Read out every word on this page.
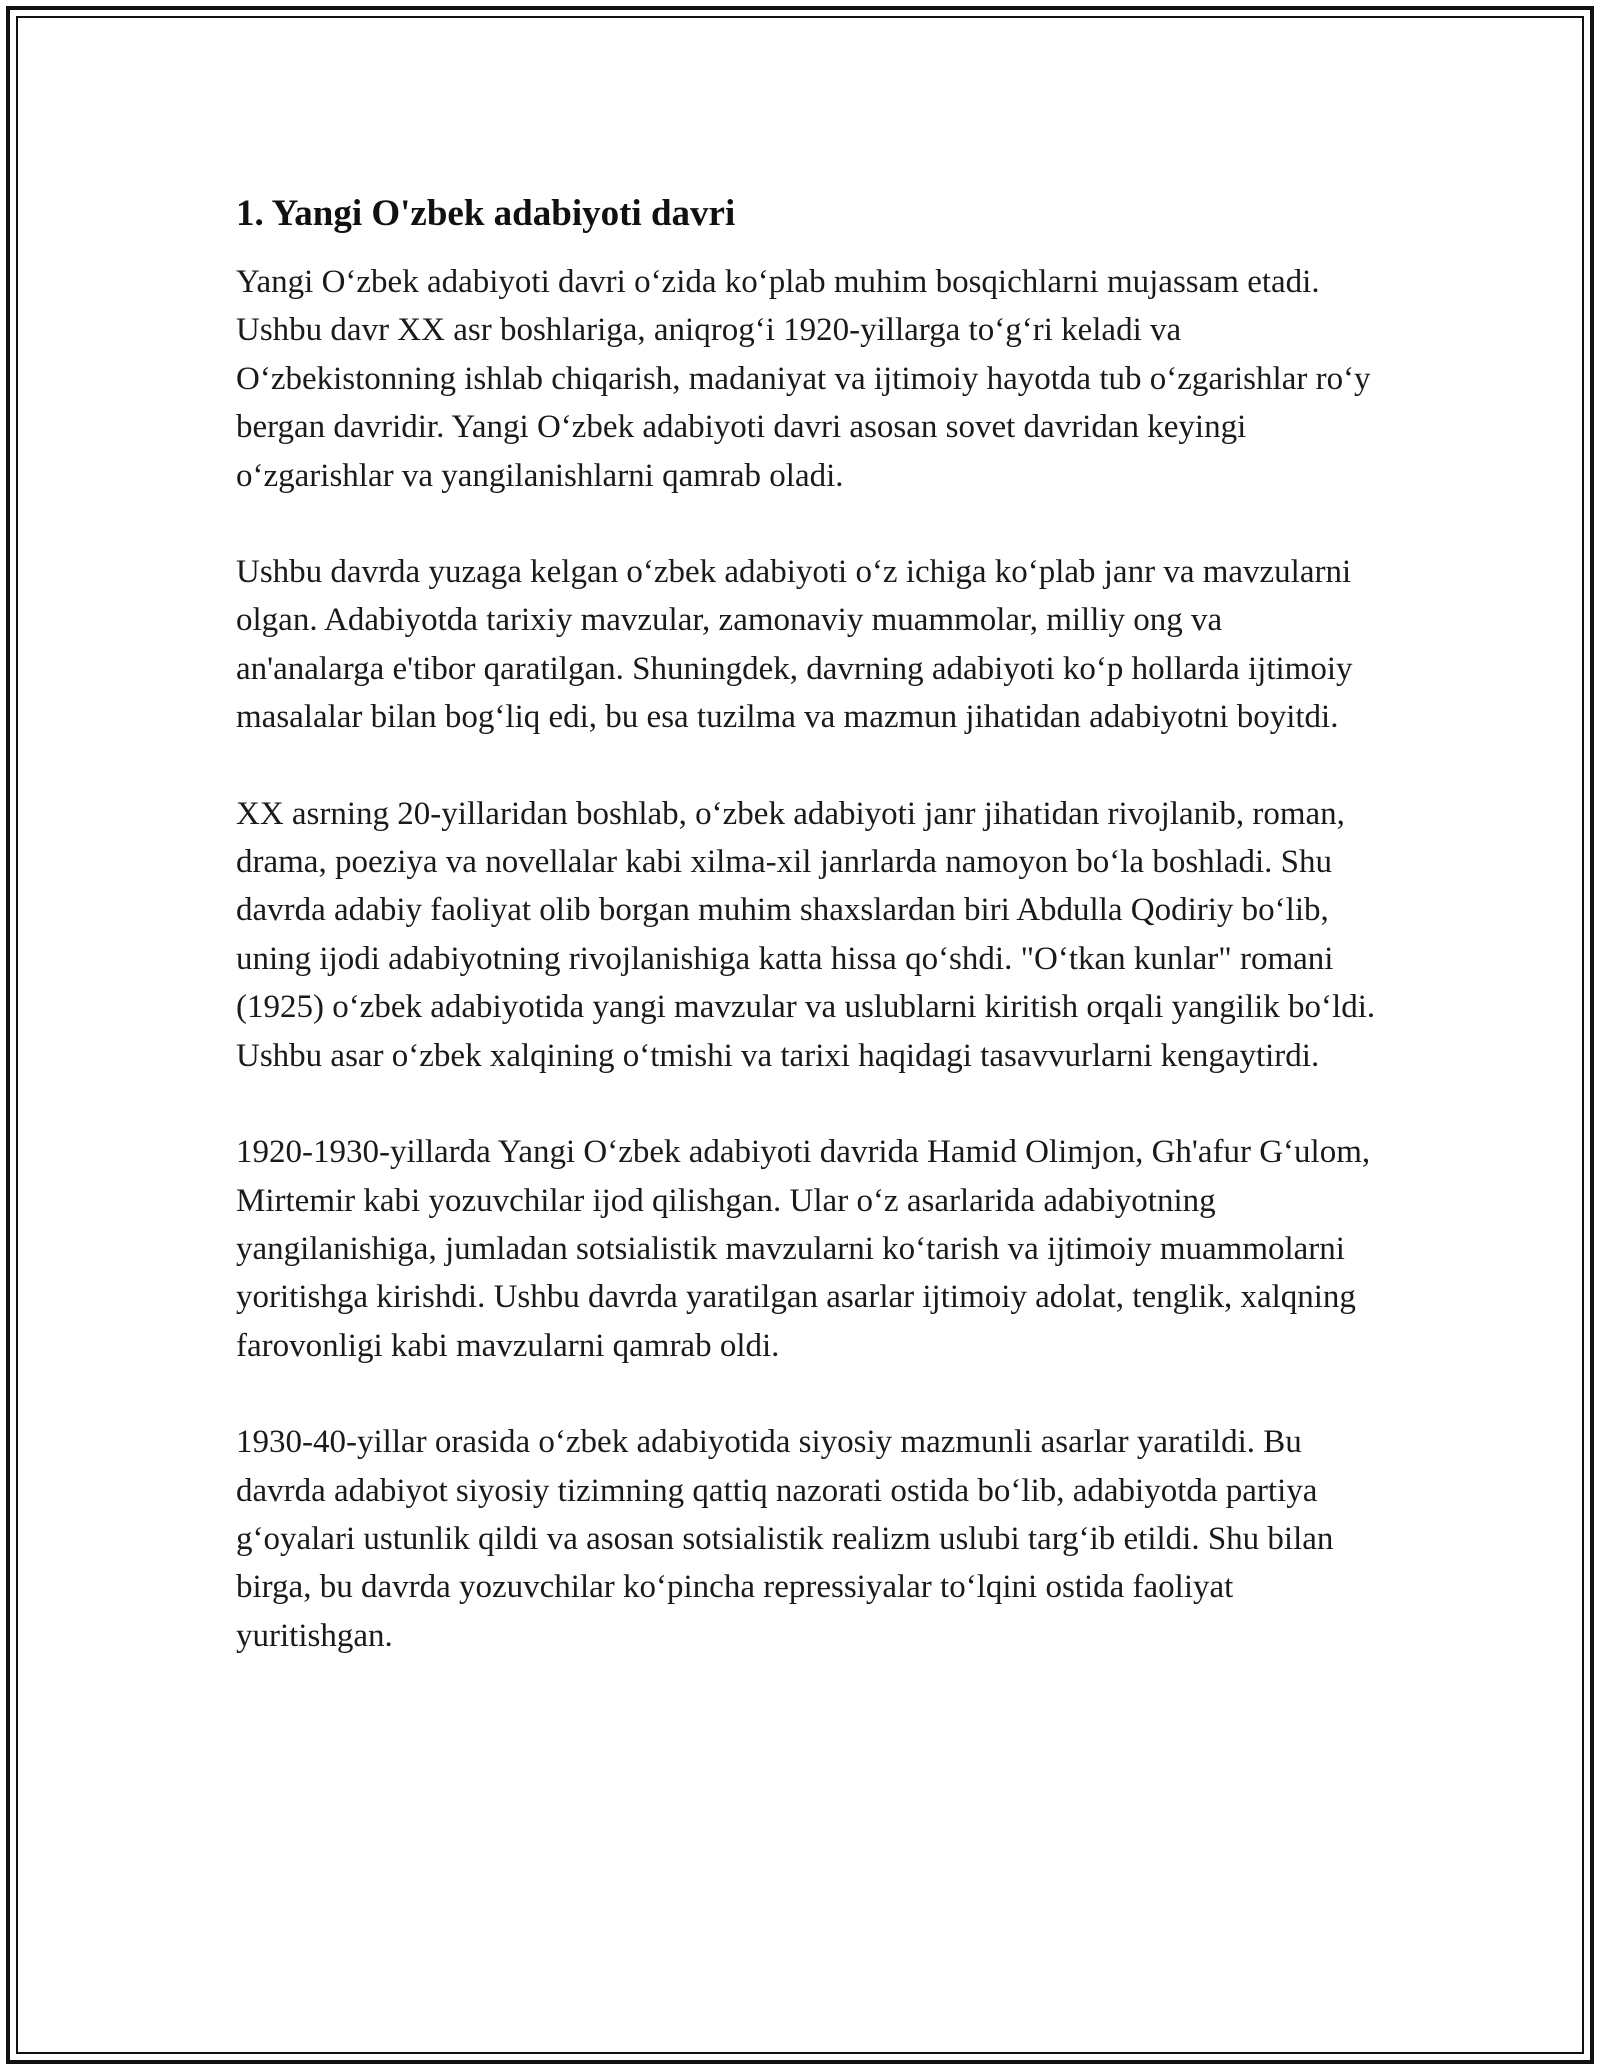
1. Yangi O'zbek adabiyoti davri

Yangi O‘zbek adabiyoti davri o‘zida ko‘plab muhim bosqichlarni mujassam etadi. Ushbu davr XX asr boshlariga, aniqrog‘i 1920-yillarga to‘g‘ri keladi va O‘zbekistonning ishlab chiqarish, madaniyat va ijtimoiy hayotda tub o‘zgarishlar ro‘y bergan davridir. Yangi O‘zbek adabiyoti davri asosan sovet davridan keyingi o‘zgarishlar va yangilanishlarni qamrab oladi.

Ushbu davrda yuzaga kelgan o‘zbek adabiyoti o‘z ichiga ko‘plab janr va mavzularni olgan. Adabiyotda tarixiy mavzular, zamonaviy muammolar, milliy ong va an'analarga e'tibor qaratilgan. Shuningdek, davrning adabiyoti ko‘p hollarda ijtimoiy masalalar bilan bog‘liq edi, bu esa tuzilma va mazmun jihatidan adabiyotni boyitdi.

XX asrning 20-yillaridan boshlab, o‘zbek adabiyoti janr jihatidan rivojlanib, roman, drama, poeziya va novellalar kabi xilma-xil janrlarda namoyon bo‘la boshladi. Shu davrda adabiy faoliyat olib borgan muhim shaxslardan biri Abdulla Qodiriy bo‘lib, uning ijodi adabiyotning rivojlanishiga katta hissa qo‘shdi. "O‘tkan kunlar" romani (1925) o‘zbek adabiyotida yangi mavzular va uslublarni kiritish orqali yangilik bo‘ldi. Ushbu asar o‘zbek xalqining o‘tmishi va tarixi haqidagi tasavvurlarni kengaytirdi.

1920-1930-yillarda Yangi O‘zbek adabiyoti davrida Hamid Olimjon, Gh'afur G‘ulom, Mirtemir kabi yozuvchilar ijod qilishgan. Ular o‘z asarlarida adabiyotning yangilanishiga, jumladan sotsialistik mavzularni ko‘tarish va ijtimoiy muammolarni yoritishga kirishdi. Ushbu davrda yaratilgan asarlar ijtimoiy adolat, tenglik, xalqning farovonligi kabi mavzularni qamrab oldi.

1930-40-yillar orasida o‘zbek adabiyotida siyosiy mazmunli asarlar yaratildi. Bu davrda adabiyot siyosiy tizimning qattiq nazorati ostida bo‘lib, adabiyotda partiya g‘oyalari ustunlik qildi va asosan sotsialistik realizm uslubi targ‘ib etildi. Shu bilan birga, bu davrda yozuvchilar ko‘pincha repressiyalar to‘lqini ostida faoliyat yuritishgan.
